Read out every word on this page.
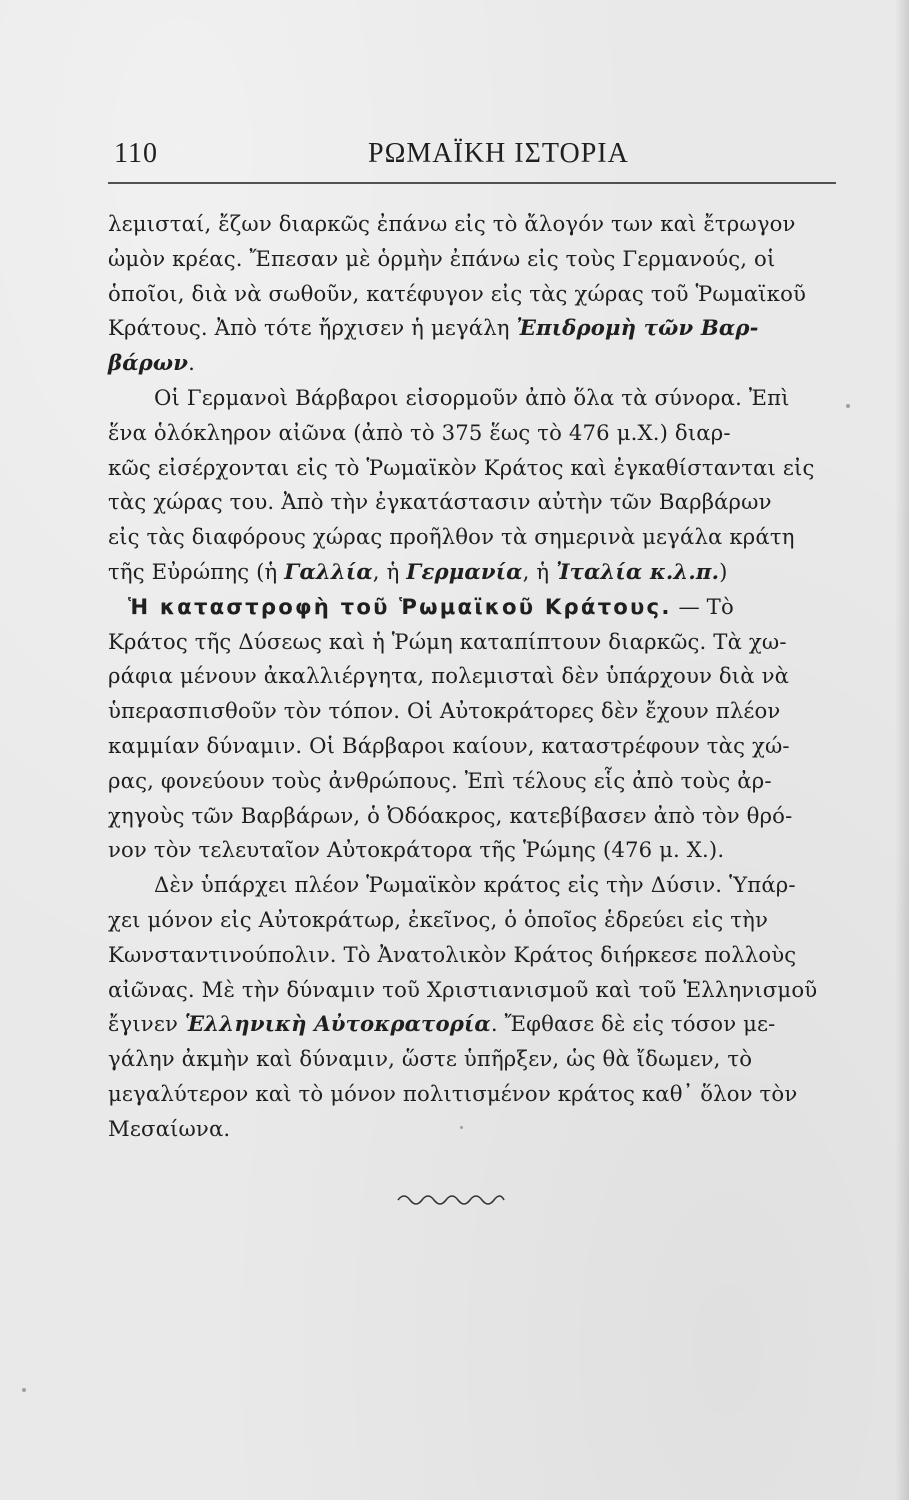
110	ΡΩΜΑΪΚΗ ΙΣΤΟΡΙΑ
λεμισταί, ἔζων διαρκῶς ἐπάνω εἰς τὸ ἄλογόν των καὶ ἔτρωγον
ὠμὸν κρέας. Ἔπεσαν μὲ ὁρμὴν ἐπάνω εἰς τοὺς Γερμανούς, οἱ
ὁποῖοι, διὰ νὰ σωθοῦν, κατέφυγον εἰς τὰς χώρας τοῦ Ῥωμαϊκοῦ
Κράτους. Ἀπὸ τότε ἤρχισεν ἡ μεγάλη Ἐπιδρομὴ τῶν Βαρ-
βάρων.
Οἱ Γερμανοὶ Βάρβαροι εἰσορμοῦν ἀπὸ ὅλα τὰ σύνορα. Ἐπὶ
ἕνα ὁλόκληρον αἰῶνα (ἀπὸ τὸ 375 ἕως τὸ 476 μ.Χ.) διαρ-
κῶς εἰσέρχονται εἰς τὸ Ῥωμαϊκὸν Κράτος καὶ ἐγκαθίστανται εἰς
τὰς χώρας του. Ἀπὸ τὴν ἐγκατάστασιν αὐτὴν τῶν Βαρβάρων
εἰς τὰς διαφόρους χώρας προῆλθον τὰ σημερινὰ μεγάλα κράτη
τῆς Εὐρώπης (ἡ Γαλλία, ἡ Γερμανία, ἡ Ἰταλία κ.λ.π.)
Ἡ καταστροφὴ τοῦ Ῥωμαϊκοῦ Κράτους. — Τὸ
Κράτος τῆς Δύσεως καὶ ἡ Ῥώμη καταπίπτουν διαρκῶς. Τὰ χω-
ράφια μένουν ἀκαλλιέργητα, πολεμισταὶ δὲν ὑπάρχουν διὰ νὰ
ὑπερασπισθοῦν τὸν τόπον. Οἱ Αὐτοκράτορες δὲν ἔχουν πλέον
καμμίαν δύναμιν. Οἱ Βάρβαροι καίουν, καταστρέφουν τὰς χώ-
ρας, φονεύουν τοὺς ἀνθρώπους. Ἐπὶ τέλους εἷς ἀπὸ τοὺς ἀρ-
χηγοὺς τῶν Βαρβάρων, ὁ Ὀδόακρος, κατεβίβασεν ἀπὸ τὸν θρό-
νον τὸν τελευταῖον Αὐτοκράτορα τῆς Ῥώμης (476 μ. Χ.).
Δὲν ὑπάρχει πλέον Ῥωμαϊκὸν κράτος εἰς τὴν Δύσιν. Ὑπάρ-
χει μόνον εἰς Αὐτοκράτωρ, ἐκεῖνος, ὁ ὁποῖος ἑδρεύει εἰς τὴν
Κωνσταντινούπολιν. Τὸ Ἀνατολικὸν Κράτος διήρκεσε πολλοὺς
αἰῶνας. Μὲ τὴν δύναμιν τοῦ Χριστιανισμοῦ καὶ τοῦ Ἑλληνισμοῦ
ἔγινεν Ἑλληνικὴ Αὐτοκρατορία. Ἔφθασε δὲ εἰς τόσον με-
γάλην ἀκμὴν καὶ δύναμιν, ὥστε ὑπῆρξεν, ὡς θὰ ἴδωμεν, τὸ
μεγαλύτερον καὶ τὸ μόνον πολιτισμένον κράτος καθ᾽ ὅλον τὸν
Μεσαίωνα.
